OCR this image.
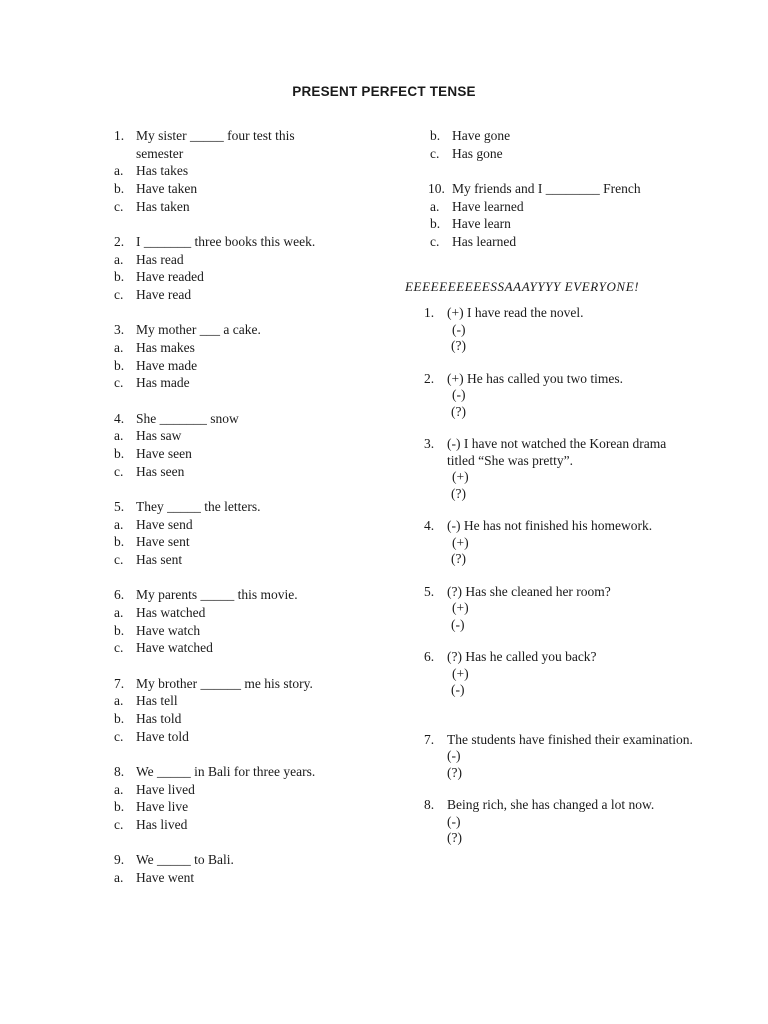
PRESENT PERFECT TENSE
1. My sister _____ four test this semester
a. Has takes
b. Have taken
c. Has taken
2. I _______ three books this week.
a. Has read
b. Have readed
c. Have read
3. My mother ___ a cake.
a. Has makes
b. Have made
c. Has made
4. She _______ snow
a. Has saw
b. Have seen
c. Has seen
5. They _____ the letters.
a. Have send
b. Have sent
c. Has sent
6. My parents _____ this movie.
a. Has watched
b. Have watch
c. Have watched
7. My brother ______ me his story.
a. Has tell
b. Has told
c. Have told
8. We _____ in Bali for three years.
a. Have lived
b. Have live
c. Has lived
9. We _____ to Bali.
a. Have went
b. Have gone
c. Has gone
10. My friends and I ________ French
a. Have learned
b. Have learn
c. Has learned
EEEEEEEEEESSAAAYYYY EVERYONE!
1. (+) I have read the novel.
(-)
(?)
2. (+) He has called you two times.
(-)
(?)
3. (-) I have not watched the Korean drama titled “She was pretty”.
(+)
(?)
4. (-) He has not finished his homework.
(+)
(?)
5. (?) Has she cleaned her room?
(+)
(-)
6. (?) Has he called you back?
(+)
(-)
7. The students have finished their examination.
(-)
(?)
8. Being rich, she has changed a lot now.
(-)
(?)
